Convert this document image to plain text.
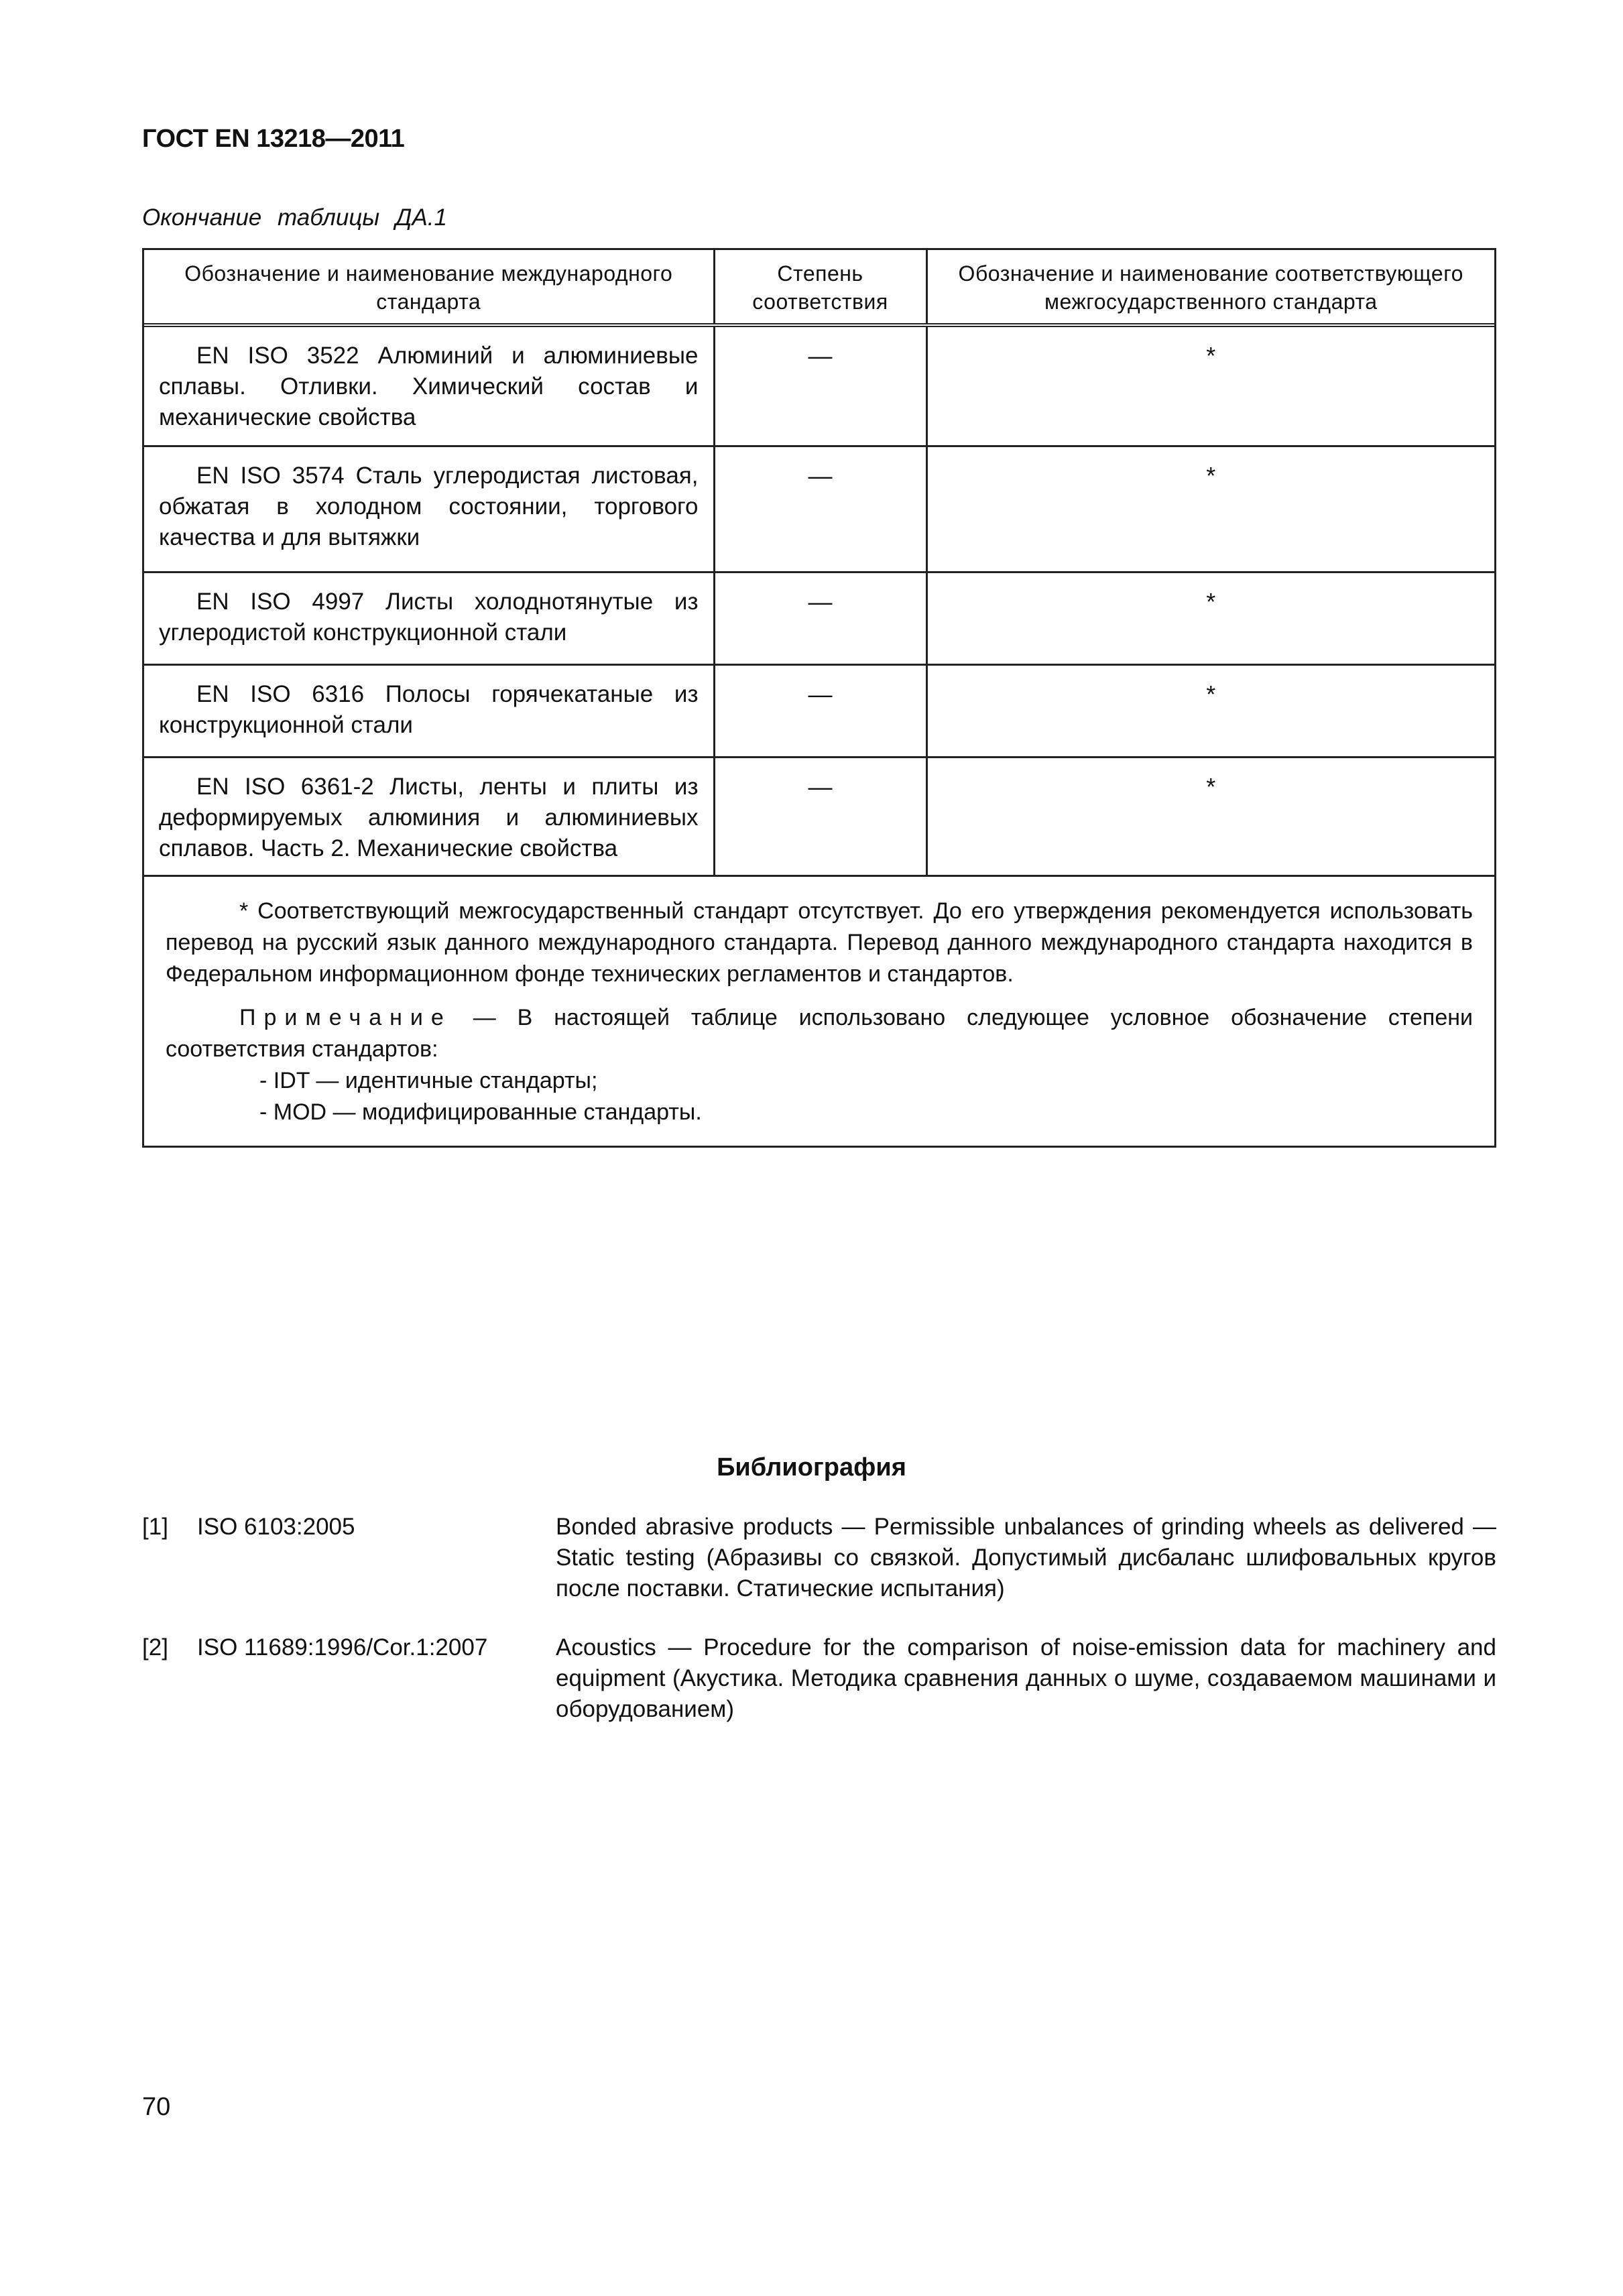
ГОСТ EN 13218—2011
Окончание таблицы ДА.1
Обозначение и наименование международного стандарта	Степень соответствия	Обозначение и наименование соответствующего межгосударственного стандарта
EN ISO 3522 Алюминий и алюминиевые сплавы. Отливки. Химический состав и механические свойства	—	*
EN ISO 3574 Сталь углеродистая листовая, обжатая в холодном состоянии, торгового качества и для вытяжки	—	*
EN ISO 4997 Листы холоднотянутые из углеродистой конструкционной стали	—	*
EN ISO 6316 Полосы горячекатаные из конструкционной стали	—	*
EN ISO 6361-2 Листы, ленты и плиты из деформируемых алюминия и алюминиевых сплавов. Часть 2. Механические свойства	—	*

* Соответствующий межгосударственный стандарт отсутствует. До его утверждения рекомендуется использовать перевод на русский язык данного международного стандарта. Перевод данного международного стандарта находится в Федеральном информационном фонде технических регламентов и стандартов.

Примечание — В настоящей таблице использовано следующее условное обозначение степени соответствия стандартов:

- IDT — идентичные стандарты;

- MOD — модифицированные стандарты.

Библиография
[1] ISO 6103:2005	Bonded abrasive products — Permissible unbalances of grinding wheels as delivered — Static testing (Абразивы со связкой. Допустимый дисбаланс шлифовальных кругов после поставки. Статические испытания)
[2] ISO 11689:1996/Cor.1:2007	Acoustics — Procedure for the comparison of noise-emission data for machinery and equipment (Акустика. Методика сравнения данных о шуме, создаваемом машинами и оборудованием)
70
